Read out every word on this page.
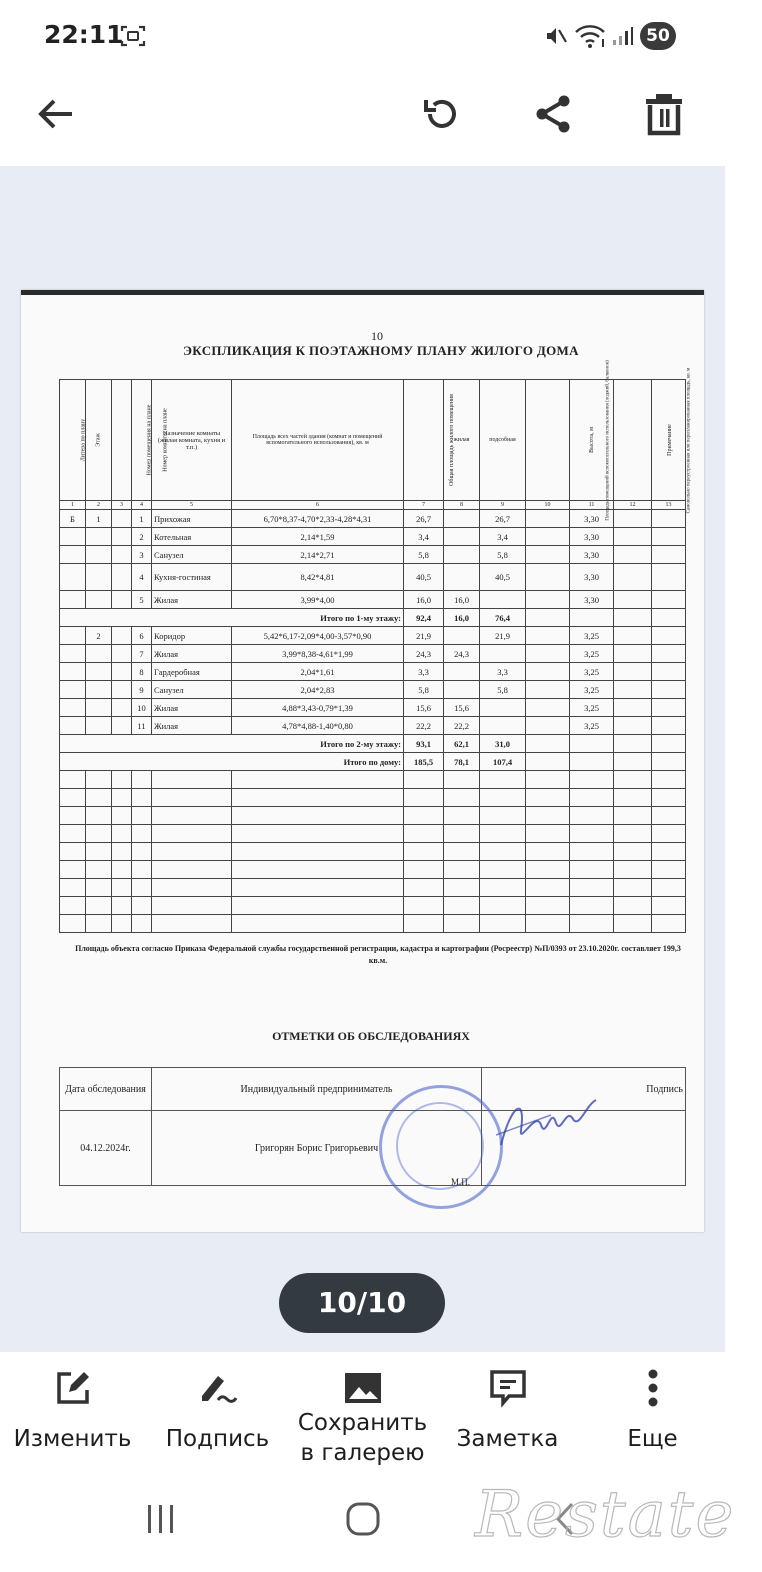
22:11	50
10
ЭКСПЛИКАЦИЯ К ПОЭТАЖНОМУ ПЛАНУ ЖИЛОГО ДОМА
Литера по плану	Этаж	Номер помещения на плане	Номер комнаты на плане	Назначение комнаты (жилая комната, кухня и т.п.)	Площадь всех частей здания (комнат и помещений вспомогательного использования), кв. м	Общая площадь жилого помещения	жилая	подсобная	Площадь помещений вспомогательного использования (лоджий, балконов)	Высота, м	Самовольно переустроенная или перепланированная площадь, кв. м	Примечание
1	2	3	4	5	6	7	8	9	10	11	12	13
Б	1		1	Прихожая	6,70*8,37-4,70*2,33-4,28*4,31	26,7		26,7		3,30		
			2	Котельная	2,14*1,59	3,4		3,4		3,30		
			3	Санузел	2,14*2,71	5,8		5,8		3,30		
			4	Кухня-гостиная	8,42*4,81	40,5		40,5		3,30		
			5	Жилая	3,99*4,00	16,0	16,0			3,30		
Итого по 1-му этажу:						92,4	16,0	76,4				
	2		6	Коридор	5,42*6,17-2,09*4,00-3,57*0,90	21,9		21,9		3,25		
			7	Жилая	3,99*8,38-4,61*1,99	24,3	24,3			3,25		
			8	Гардеробная	2,04*1,61	3,3		3,3		3,25		
			9	Санузел	2,04*2,83	5,8		5,8		3,25		
			10	Жилая	4,88*3,43-0,79*1,39	15,6	15,6			3,25		
			11	Жилая	4,78*4,88-1,40*0,80	22,2	22,2			3,25		
Итого по 2-му этажу:						93,1	62,1	31,0				
Итого по дому:						185,5	78,1	107,4				

Площадь объекта согласно Приказа Федеральной службы государственной регистрации, кадастра и картографии (Росреестр) №П/0393 от 23.10.2020г. составляет 199,3 кв.м.
ОТМЕТКИ ОБ ОБСЛЕДОВАНИЯХ
Дата обследования	Индивидуальный предприниматель	Подпись
04.12.2024г.	Григорян Борис Григорьевич	
М.П.
10/10
Изменить	Подпись
Сохранить в галерею
Заметка	Еще
Restate
